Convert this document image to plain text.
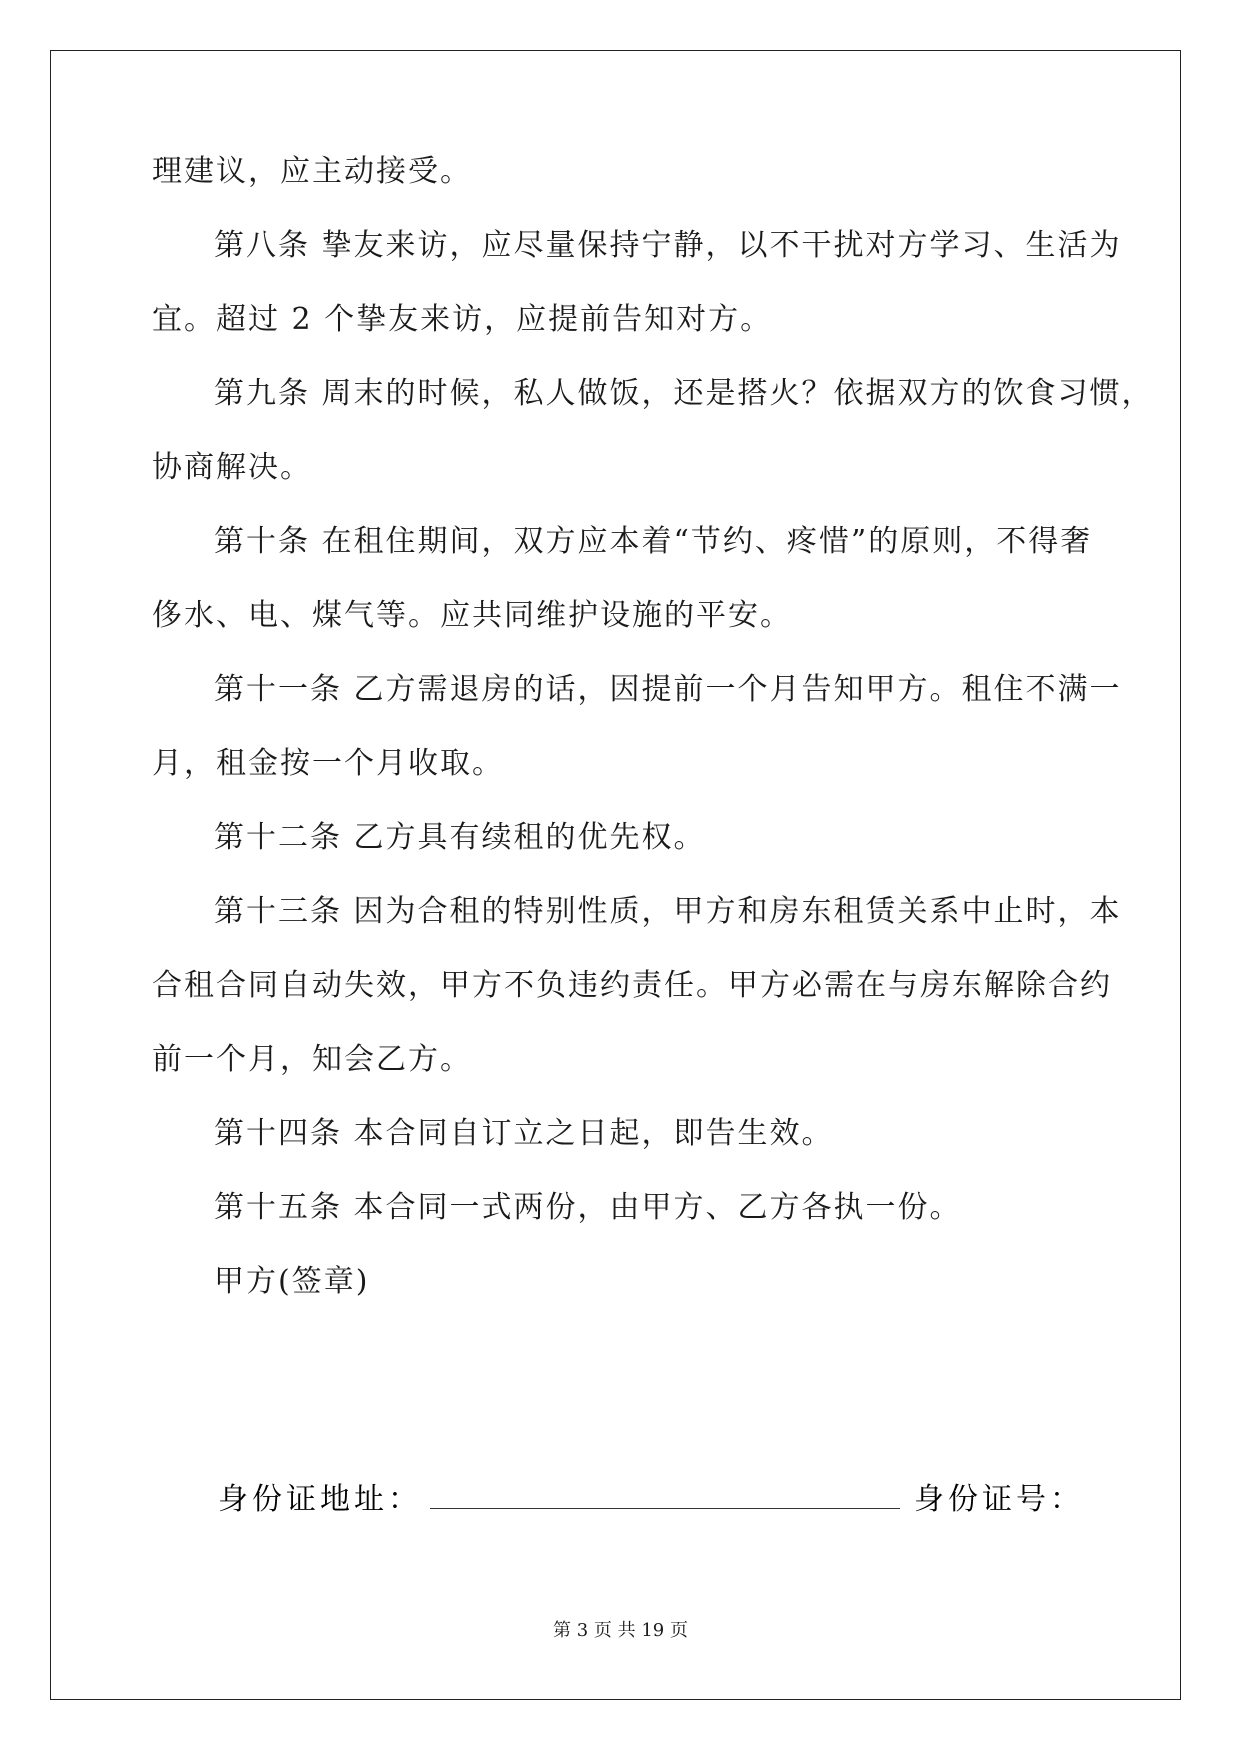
理建议，应主动接受。
第八条 挚友来访，应尽量保持宁静，以不干扰对方学习、生活为
宜。超过 2 个挚友来访，应提前告知对方。
第九条 周末的时候，私人做饭，还是搭火？依据双方的饮食习惯，
协商解决。
第十条 在租住期间，双方应本着“节约、疼惜”的原则，不得奢
侈水、电、煤气等。应共同维护设施的平安。
第十一条 乙方需退房的话，因提前一个月告知甲方。租住不满一
月，租金按一个月收取。
第十二条 乙方具有续租的优先权。
第十三条 因为合租的特别性质，甲方和房东租赁关系中止时，本
合租合同自动失效，甲方不负违约责任。甲方必需在与房东解除合约
前一个月，知会乙方。
第十四条 本合同自订立之日起，即告生效。
第十五条 本合同一式两份，由甲方、乙方各执一份。
甲方(签章)
身份证地址：	身份证号：
第 3 页 共 19 页
